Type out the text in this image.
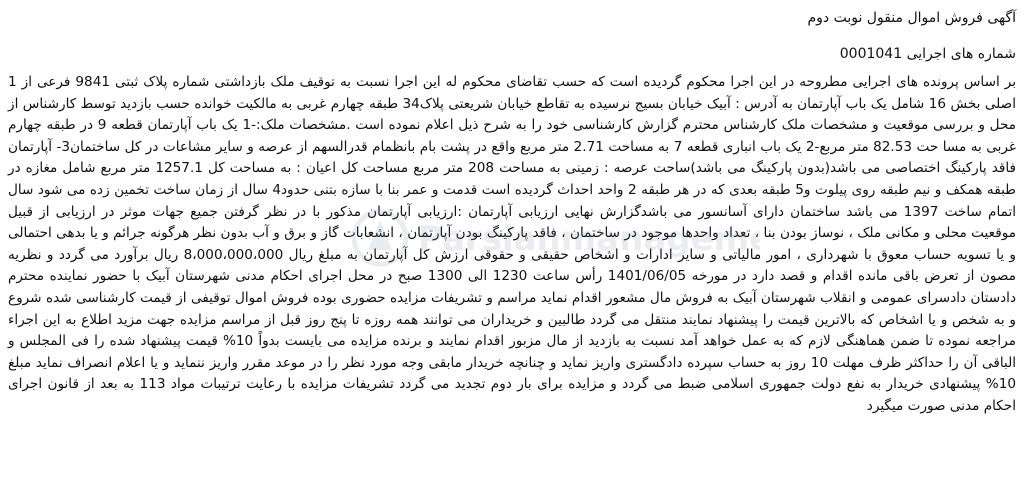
آگهی فروش اموال منقول نوبت دوم
شماره های اجرایی 0001041
بر اساس پرونده های اجرایی مطروحه در این اجرا محکوم گردیده است که حسب تقاضای محکوم له این اجرا نسبت به توقیف ملک بازداشتی شماره پلاک ثبتی 9841 فرعی از 1 اصلی بخش 16 شامل یک باب آپارتمان به آدرس : آبیک خیابان بسیج نرسیده به تقاطع خیابان شریعتی پلاک34 طبقه چهارم غربی به مالکیت خوانده حسب بازدید توسط کارشناس از محل و بررسی موقعیت و مشخصات ملک کارشناس محترم گزارش کارشناسی خود را به شرح ذیل اعلام نموده است .مشخصات ملک:-1 یک باب آپارتمان قطعه 9 در طبقه چهارم غربی به مسا حت 82.53 متر مربع-2 یک باب انباری قطعه 7 به مساحت 2.71 متر مربع واقع در پشت بام بانظمام قدرالسهم از عرصه و سایر مشاعات در کل ساختمان3- آپارتمان فاقد پارکینگ اختصاصی می باشد(بدون پارکینگ می باشد)ساحت عرصه : زمینی به مساحت 208 متر مربع مساحت کل اعیان : به مساحت کل 1257.1 متر مربع شامل مغازه در طبقه همکف و نیم طبقه روی پیلوت و5 طبقه بعدی که در هر طبقه 2 واحد احداث گردیده است قدمت و عمر بنا با سازه بتنی حدود4 سال از زمان ساخت تخمین زده می شود سال اتمام ساخت 1397 می باشد ساختمان دارای آسانسور می باشدگزارش نهایی ارزیابی آپارتمان :ارزیابی آپارتمان مذکور با در نظر گرفتن جمیع جهات موثر در ارزیابی از قبیل موقعیت محلی و مکانی ملک ، نوساز بودن بنا ، تعداد واحدها موجود در ساختمان ، فاقد پارکینگ بودن آپارتمان ، انشعابات گاز و برق و آب بدون نظر هرگونه جرائم و یا بدهی احتمالی و یا تسویه حساب معوق با شهرداری ، امور مالیاتی و سایر ادارات و اشخاص حقیقی و حقوقی ارزش کل آپارتمان به مبلغ ریال 8،000،000،000 ریال برآورد می گردد و نظریه مصون از تعرض باقی مانده اقدام و قصد دارد در مورخه 1401/06/05 رأس ساعت 1230 الی 1300 صبح در محل اجرای احکام مدنی شهرستان آبیک با حضور نماینده محترم دادستان دادسرای عمومی و انقلاب شهرستان آبیک به فروش مال مشعور اقدام نماید مراسم و تشریفات مزایده حضوری بوده فروش اموال توقیفی از قیمت کارشناسی شده شروع و به شخص و یا اشخاص که بالاترین قیمت را پیشنهاد نمایند منتقل می گردد طالبین و خریداران می توانند همه روزه تا پنج روز قبل از مراسم مزایده جهت مزید اطلاع به این اجراء مراجعه نموده تا ضمن هماهنگی لازم که به عمل خواهد آمد نسبت به بازدید از مال مزبور اقدام نمایند و برنده مزایده می بایست بدواً 10% قیمت پیشنهاد شده را فی المجلس و الباقی آن را حداکثر ظرف مهلت 10 روز به حساب سپرده دادگستری واریز نماید و چنانچه خریدار مابقی وجه مورد نظر را در موعد مقرر واریز ننماید و یا اعلام انصراف نماید مبلغ 10% پیشنهادی خریدار به نفع دولت جمهوری اسلامی ضبط می گردد و مزایده برای بار دوم تجدید می گردد تشریفات مزایده با رعایت ترتیبات مواد 113 به بعد از قانون اجرای احکام مدنی صورت میگیرد
Parsianmanagem
